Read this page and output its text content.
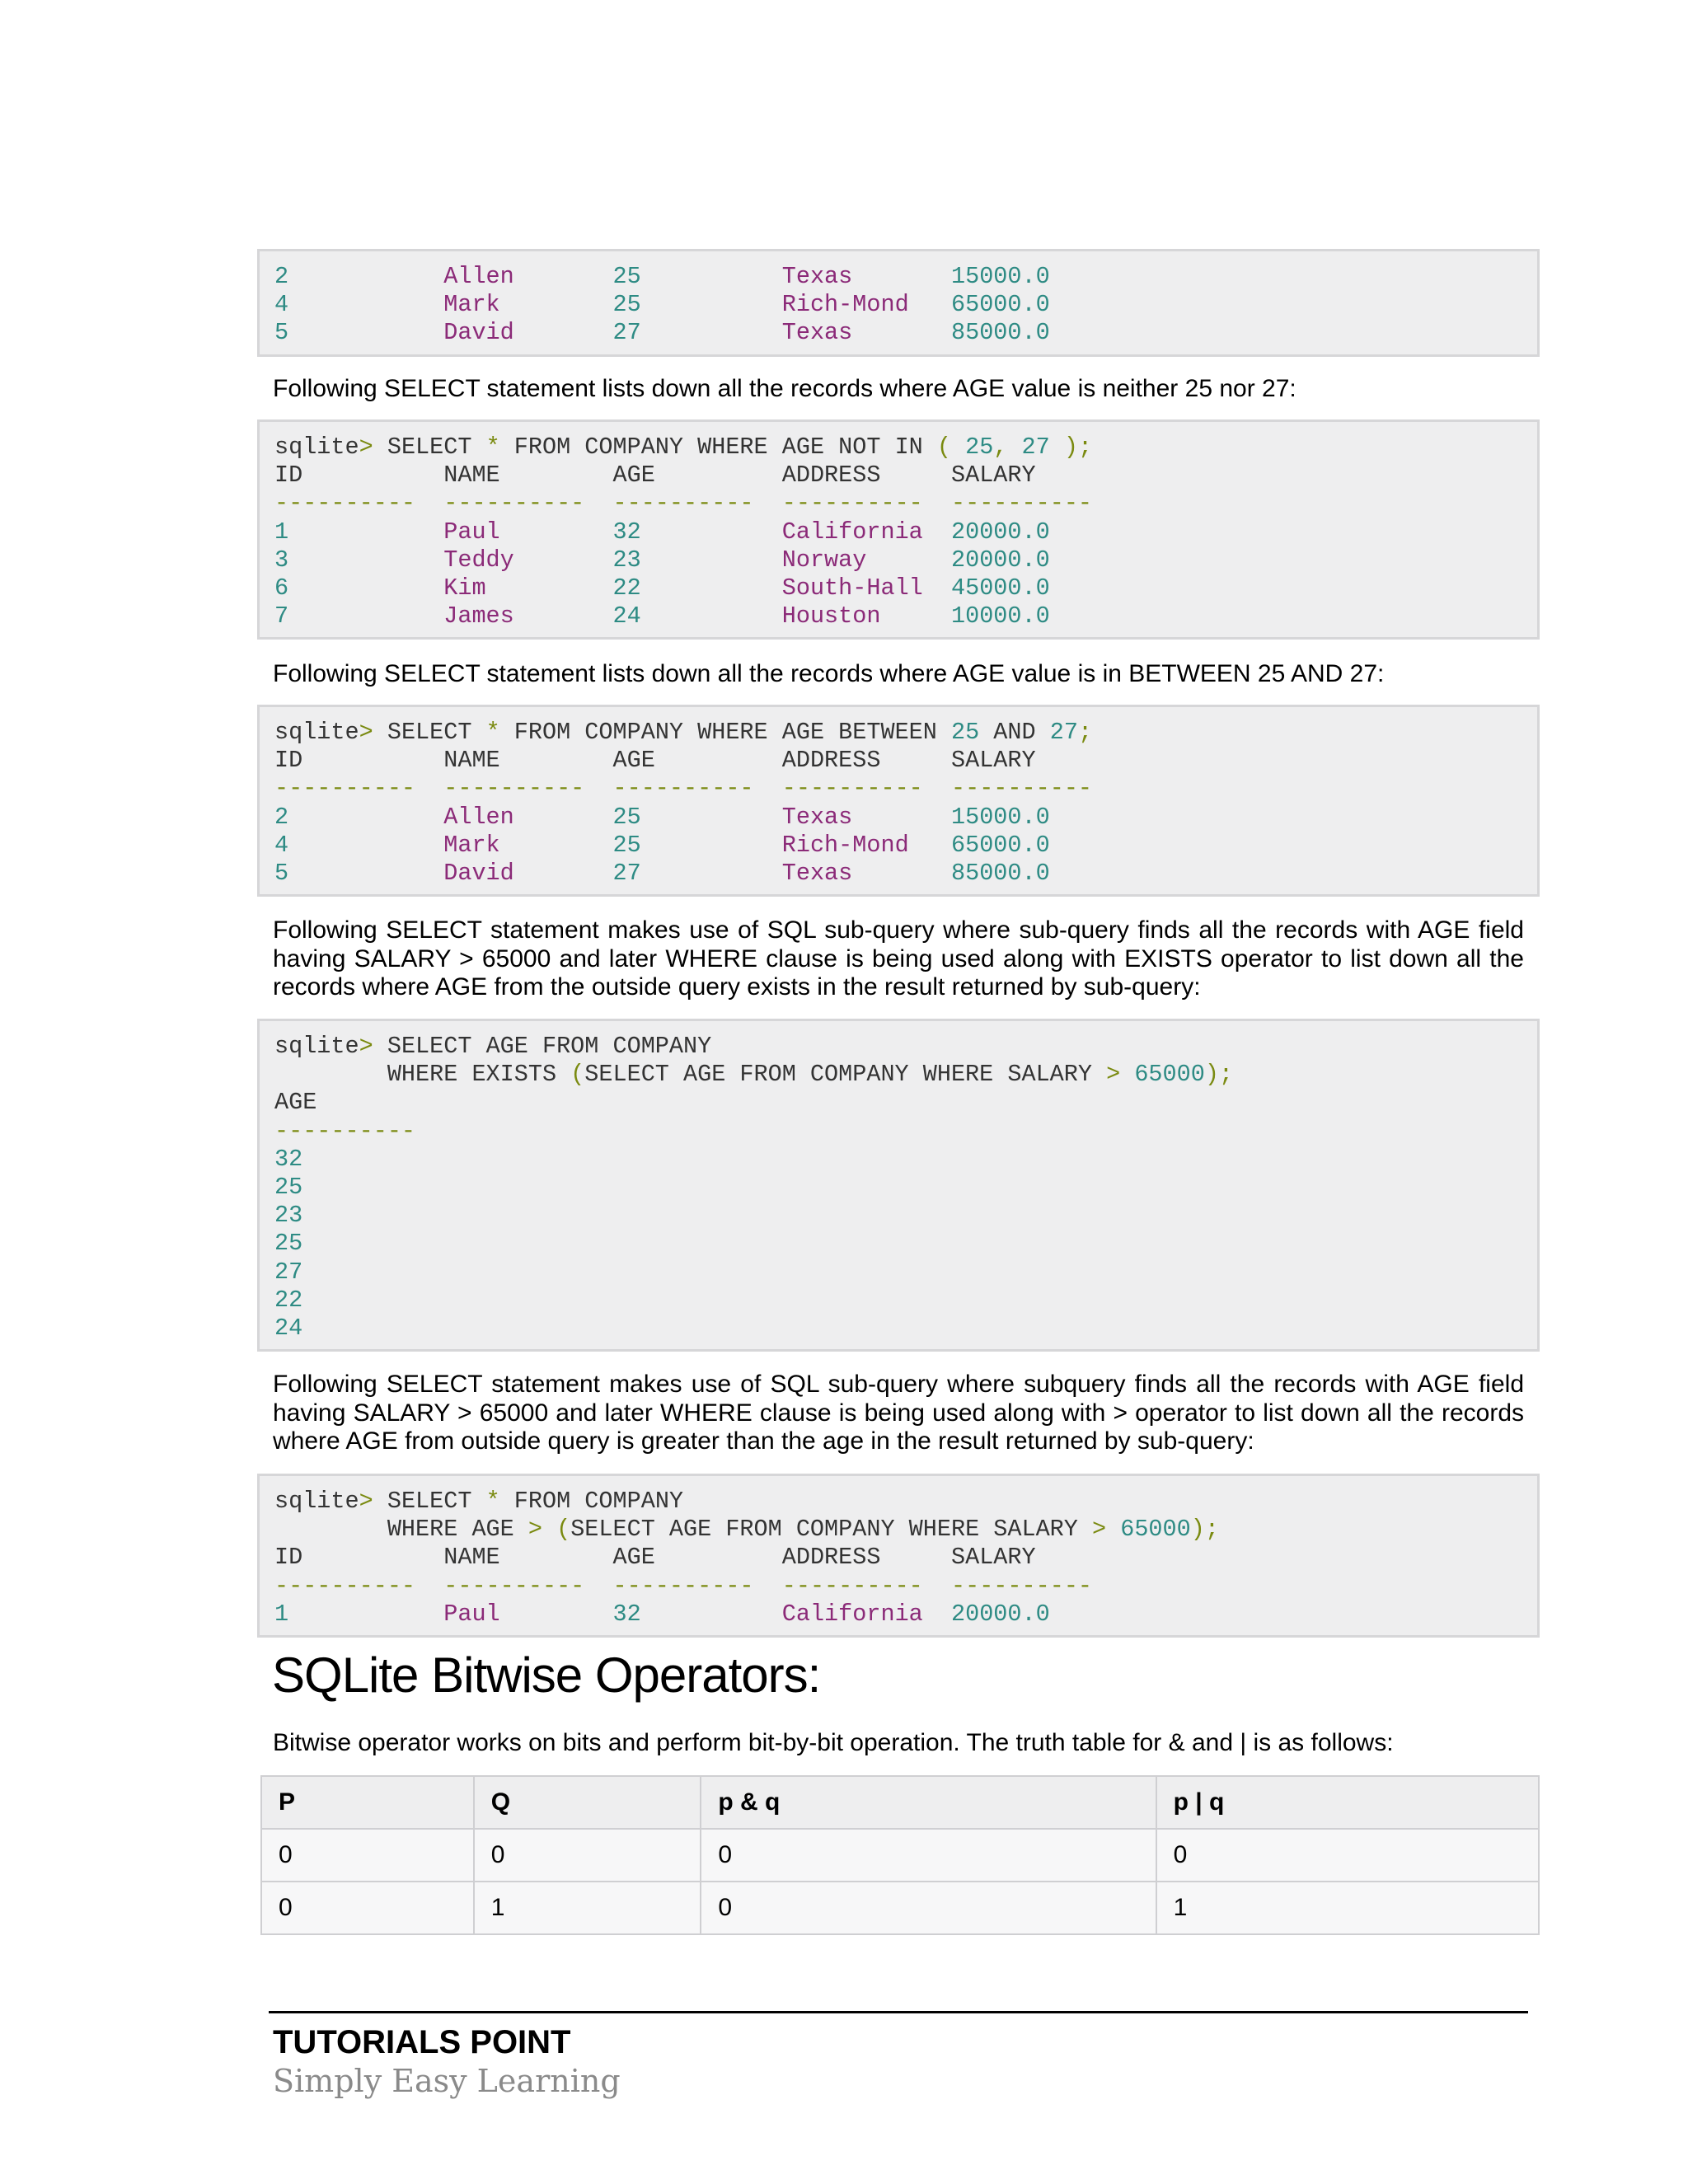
2	Allen	25	Texas	15000.0
4	Mark	25	Rich-Mond 65000.0
5	David	27	Texas	85000.0
Following SELECT statement lists down all the records where AGE value is neither 25 nor 27:
sqlite> SELECT * FROM COMPANY WHERE AGE NOT IN ( 25, 27 );
ID	NAME	AGE	ADDRESS	SALARY
---------- ---------- ---------- ---------- ----------
1	Paul	32	California 20000.0
3	Teddy	23	Norway	20000.0
6	Kim	22	South-Hall 45000.0
7	James	24	Houston	10000.0
Following SELECT statement lists down all the records where AGE value is in BETWEEN 25 AND 27:
sqlite> SELECT * FROM COMPANY WHERE AGE BETWEEN 25 AND 27;
ID	NAME	AGE	ADDRESS	SALARY
---------- ---------- ---------- ---------- ----------
2	Allen	25	Texas	15000.0
4	Mark	25	Rich-Mond 65000.0
5	David	27	Texas	85000.0
Following SELECT statement makes use of SQL sub-query where sub-query finds all the records with AGE field having SALARY > 65000 and later WHERE clause is being used along with EXISTS operator to list down all the records where AGE from the outside query exists in the result returned by sub-query:
sqlite> SELECT AGE FROM COMPANY
WHERE EXISTS (SELECT AGE FROM COMPANY WHERE SALARY > 65000);
AGE
----------
32
25
23
25
27
22
24
Following SELECT statement makes use of SQL sub-query where subquery finds all the records with AGE field having SALARY > 65000 and later WHERE clause is being used along with > operator to list down all the records where AGE from outside query is greater than the age in the result returned by sub-query:
sqlite> SELECT * FROM COMPANY
WHERE AGE > (SELECT AGE FROM COMPANY WHERE SALARY > 65000);
ID	NAME	AGE	ADDRESS	SALARY
---------- ---------- ---------- ---------- ----------
1	Paul	32	California 20000.0
SQLite Bitwise Operators:
Bitwise operator works on bits and perform bit-by-bit operation. The truth table for & and | is as follows:
P	Q	p & q	p | q
0	0	0	0
0	1	0	1
TUTORIALS POINT
Simply Easy Learning
